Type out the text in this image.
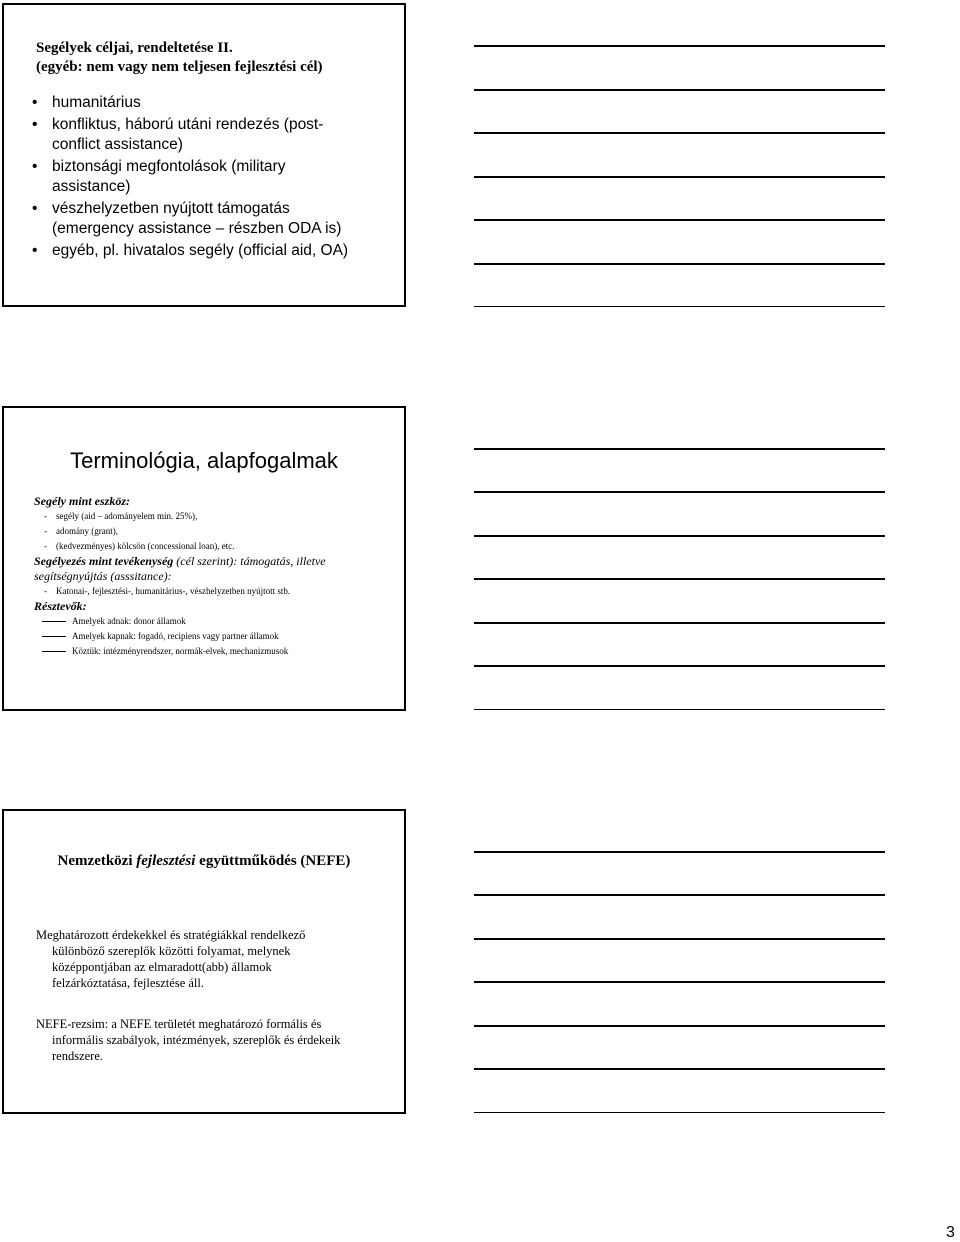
Segélyek céljai, rendeltetése II.
(egyéb: nem vagy nem teljesen fejlesztési cél)
• humanitárius
• konfliktus, háború utáni rendezés (post-
conflict assistance)
• biztonsági megfontolások (military
assistance)
• vészhelyzetben nyújtott támogatás
(emergency assistance – részben ODA is)
• egyéb, pl. hivatalos segély (official aid, OA)
Terminológia, alapfogalmak
Segély mint eszköz:
- segély (aid – adományelem min. 25%),
- adomány (grant),
- (kedvezményes) kölcsön (concessional loan), etc.
Segélyezés mint tevékenység (cél szerint): támogatás, illetve
segítségnyújtás (asssitance):
- Katonai-, fejlesztési-, humanitárius-, vészhelyzetben nyújtott stb.
Résztevők:
Amelyek adnak: donor államok
Amelyek kapnak: fogadó, recipiens vagy partner államok
Köztük: intézményrendszer, normák-elvek, mechanizmusok
Nemzetközi fejlesztési együttműködés (NEFE)
Meghatározott érdekekkel és stratégiákkal rendelkező
különböző szereplők közötti folyamat, melynek
középpontjában az elmaradott(abb) államok
felzárkóztatása, fejlesztése áll.
NEFE-rezsim: a NEFE területét meghatározó formális és
informális szabályok, intézmények, szereplők és érdekeik
rendszere.
3
